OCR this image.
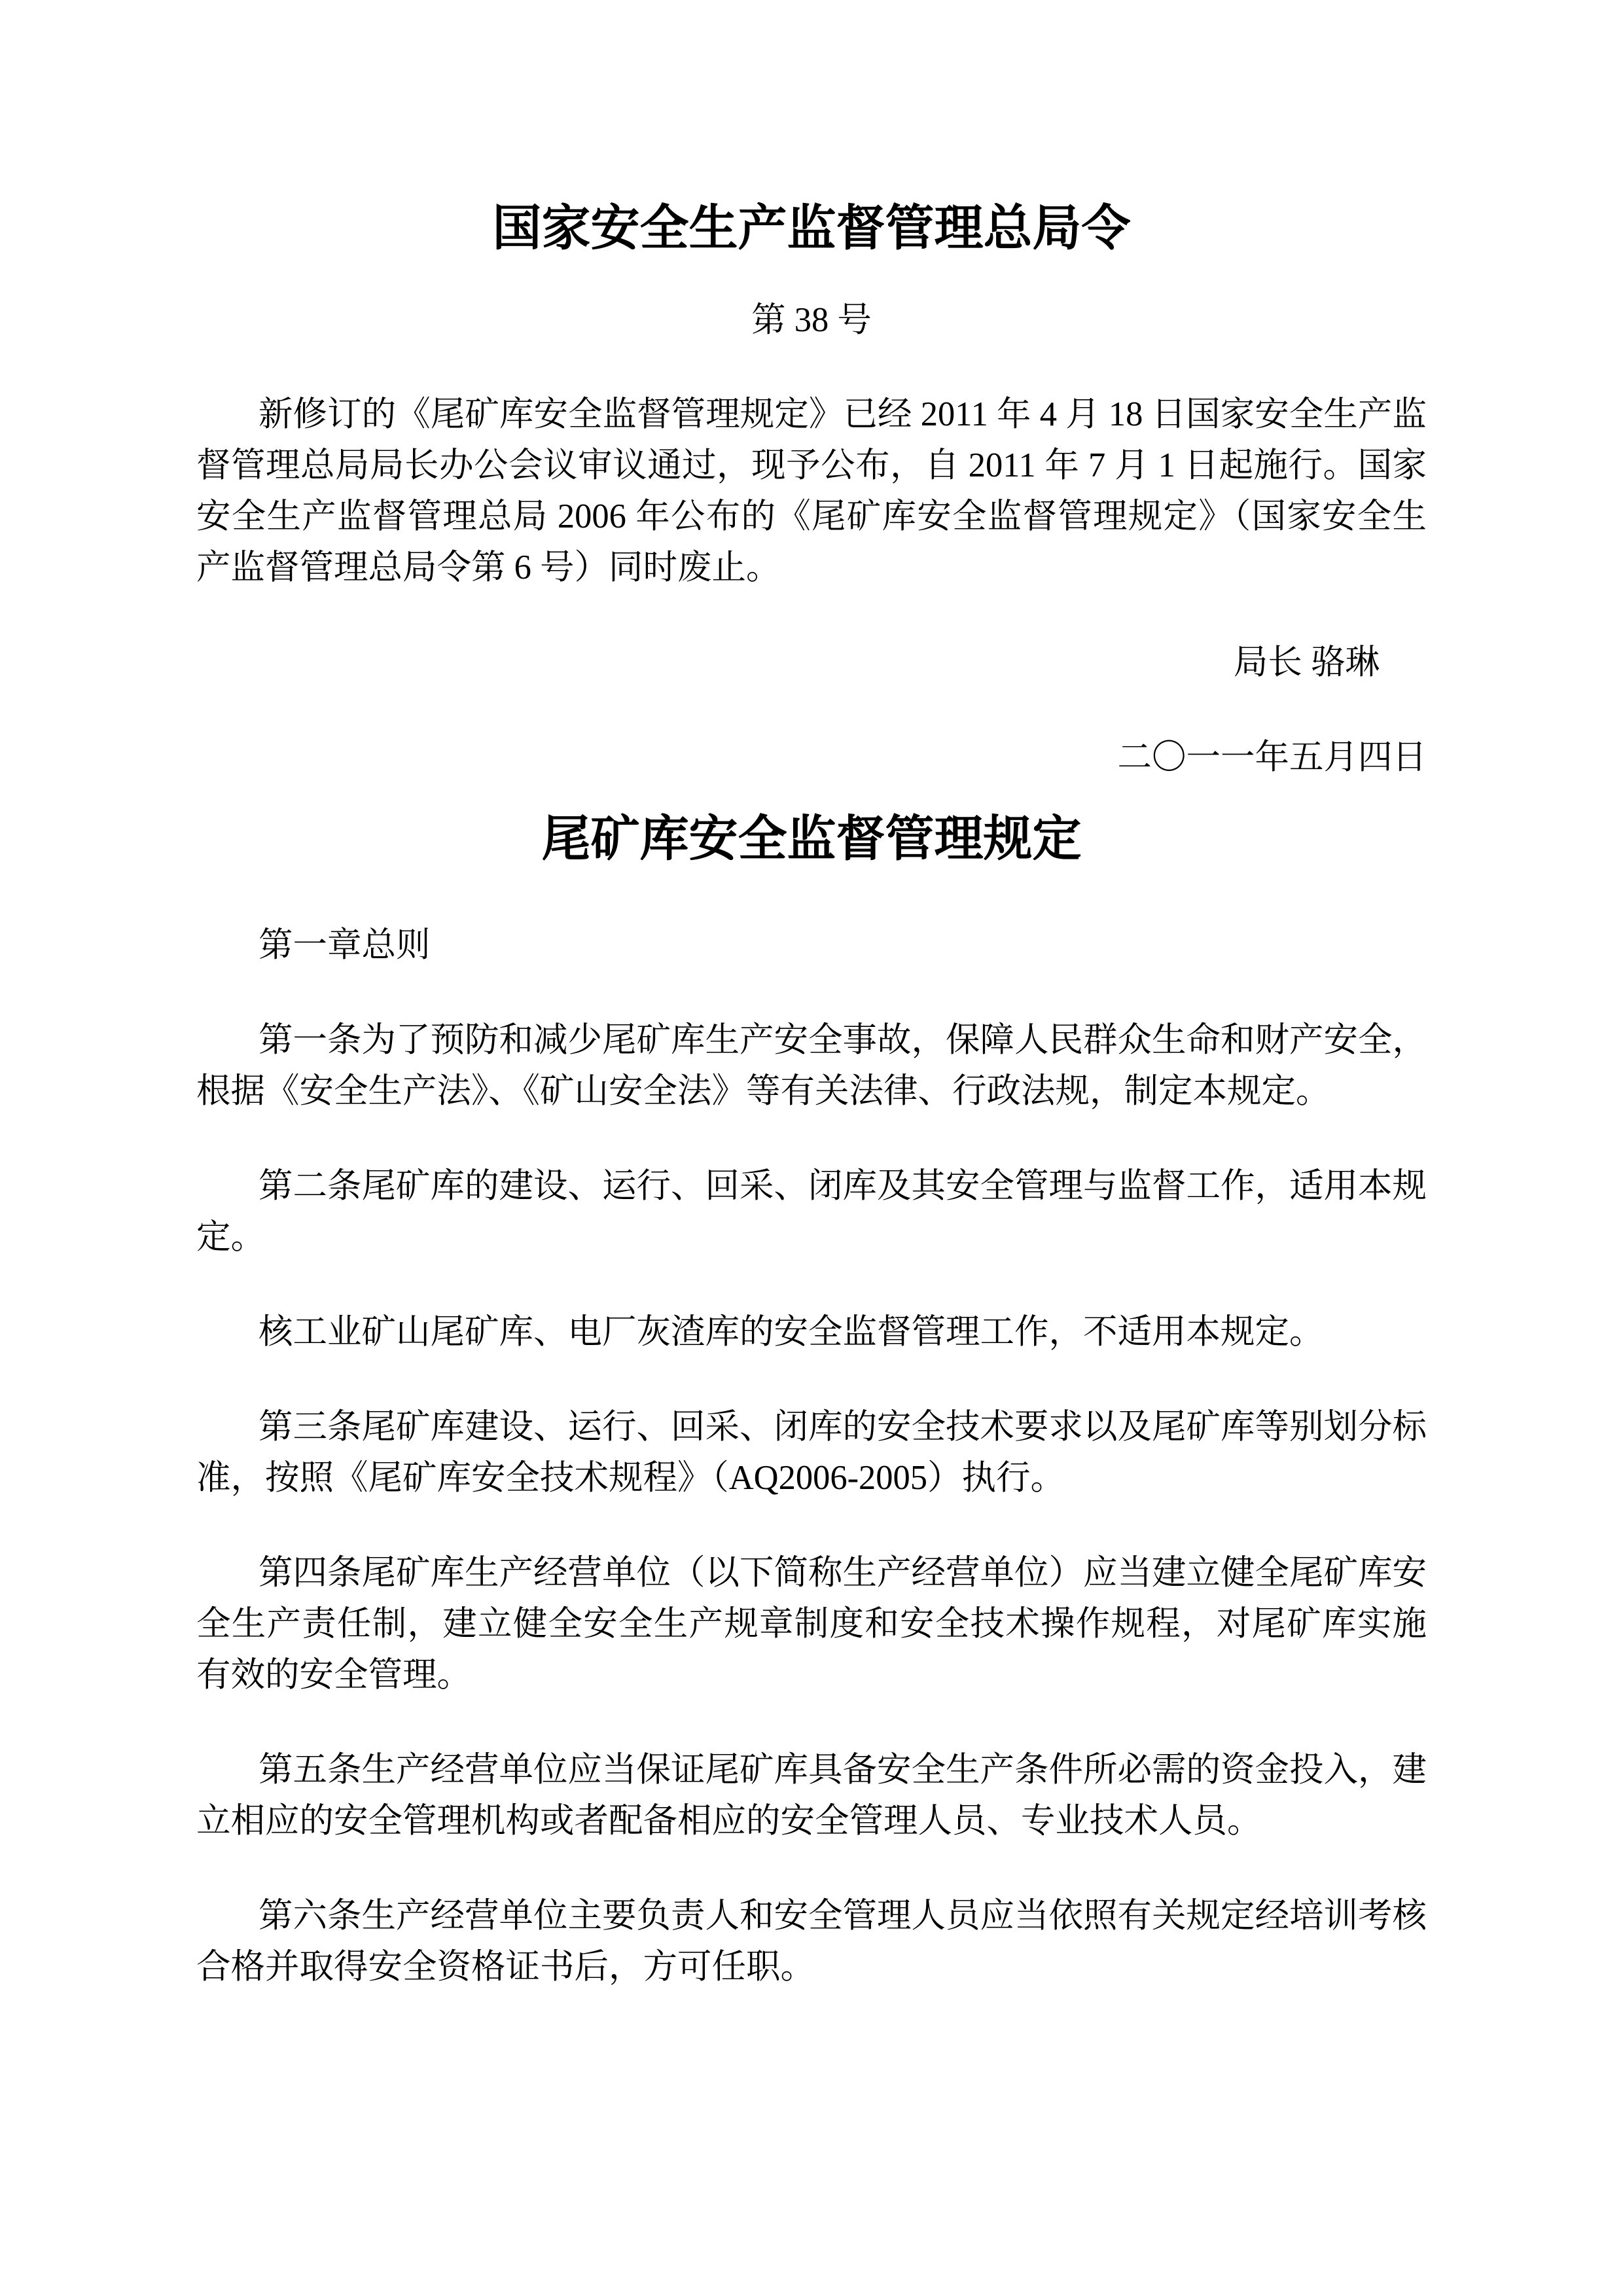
国家安全生产监督管理总局令

第 38 号

新修订的《尾矿库安全监督管理规定》已经 2011 年 4 月 18 日国家安全生产监督管理总局局长办公会议审议通过，现予公布，自 2011 年 7 月 1 日起施行。国家安全生产监督管理总局 2006 年公布的《尾矿库安全监督管理规定》（国家安全生产监督管理总局令第 6 号）同时废止。

局长 骆琳

二〇一一年五月四日

尾矿库安全监督管理规定

第一章总则

第一条为了预防和减少尾矿库生产安全事故，保障人民群众生命和财产安全，根据《安全生产法》、《矿山安全法》等有关法律、行政法规，制定本规定。

第二条尾矿库的建设、运行、回采、闭库及其安全管理与监督工作，适用本规定。

核工业矿山尾矿库、电厂灰渣库的安全监督管理工作，不适用本规定。

第三条尾矿库建设、运行、回采、闭库的安全技术要求以及尾矿库等别划分标准，按照《尾矿库安全技术规程》（AQ2006-2005）执行。

第四条尾矿库生产经营单位（以下简称生产经营单位）应当建立健全尾矿库安全生产责任制，建立健全安全生产规章制度和安全技术操作规程，对尾矿库实施有效的安全管理。

第五条生产经营单位应当保证尾矿库具备安全生产条件所必需的资金投入，建立相应的安全管理机构或者配备相应的安全管理人员、专业技术人员。

第六条生产经营单位主要负责人和安全管理人员应当依照有关规定经培训考核合格并取得安全资格证书后，方可任职。
